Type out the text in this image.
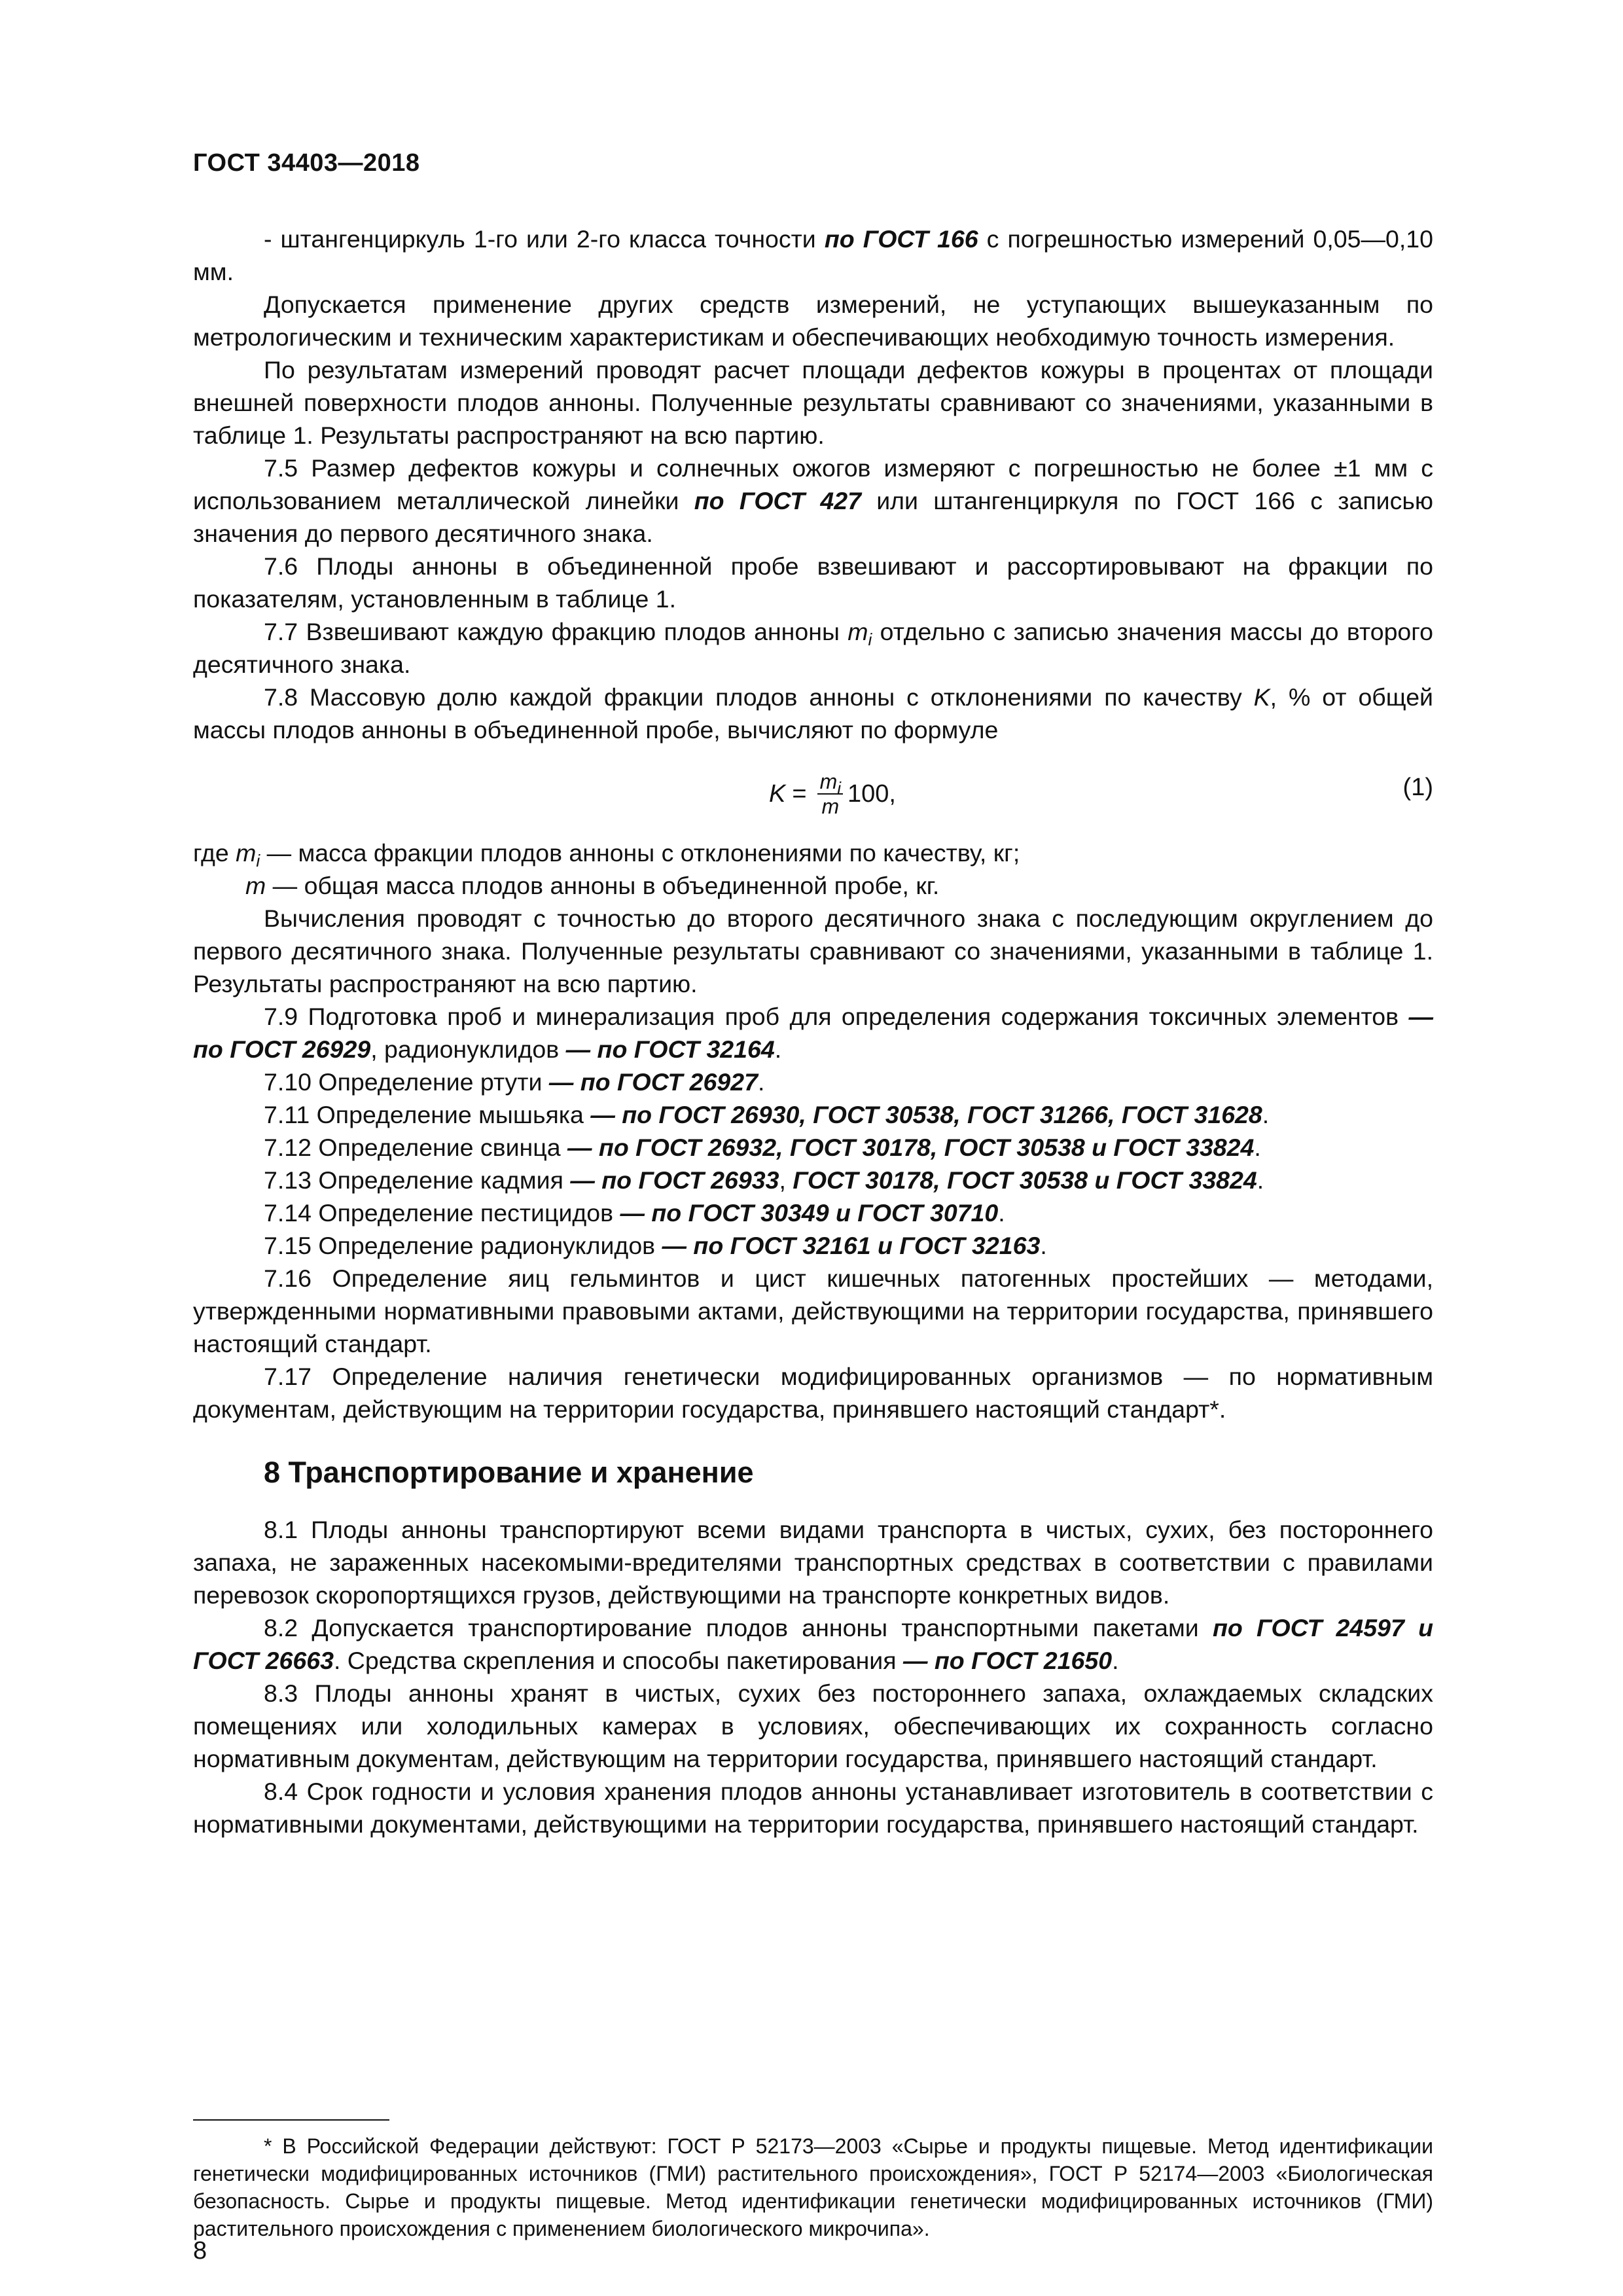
ГОСТ 34403—2018

- штангенциркуль 1-го или 2-го класса точности по ГОСТ 166 с погрешностью измерений 0,05—0,10 мм.

Допускается применение других средств измерений, не уступающих вышеуказанным по метрологическим и техническим характеристикам и обеспечивающих необходимую точность измерения.

По результатам измерений проводят расчет площади дефектов кожуры в процентах от площади внешней поверхности плодов анноны. Полученные результаты сравнивают со значениями, указанными в таблице 1. Результаты распространяют на всю партию.

7.5 Размер дефектов кожуры и солнечных ожогов измеряют с погрешностью не более ±1 мм с использованием металлической линейки по ГОСТ 427 или штангенциркуля по ГОСТ 166 с записью значения до первого десятичного знака.

7.6 Плоды анноны в объединенной пробе взвешивают и рассортировывают на фракции по показателям, установленным в таблице 1.

7.7 Взвешивают каждую фракцию плодов анноны $m_i$ отдельно с записью значения массы до второго десятичного знака.

7.8 Массовую долю каждой фракции плодов анноны с отклонениями по качеству K, % от общей массы плодов анноны в объединенной пробе, вычисляют по формуле

$K = \frac{m_i}{m} 100$,	(1)

где $m_i$ — масса фракции плодов анноны с отклонениями по качеству, кг;

m — общая масса плодов анноны в объединенной пробе, кг.

Вычисления проводят с точностью до второго десятичного знака с последующим округлением до первого десятичного знака. Полученные результаты сравнивают со значениями, указанными в таблице 1. Результаты распространяют на всю партию.

7.9 Подготовка проб и минерализация проб для определения содержания токсичных элементов — по ГОСТ 26929, радионуклидов — по ГОСТ 32164.

7.10 Определение ртути — по ГОСТ 26927.

7.11 Определение мышьяка — по ГОСТ 26930, ГОСТ 30538, ГОСТ 31266, ГОСТ 31628.

7.12 Определение свинца — по ГОСТ 26932, ГОСТ 30178, ГОСТ 30538 и ГОСТ 33824.

7.13 Определение кадмия — по ГОСТ 26933, ГОСТ 30178, ГОСТ 30538 и ГОСТ 33824.

7.14 Определение пестицидов — по ГОСТ 30349 и ГОСТ 30710.

7.15 Определение радионуклидов — по ГОСТ 32161 и ГОСТ 32163.

7.16 Определение яиц гельминтов и цист кишечных патогенных простейших — методами, утвержденными нормативными правовыми актами, действующими на территории государства, принявшего настоящий стандарт.

7.17 Определение наличия генетически модифицированных организмов — по нормативным документам, действующим на территории государства, принявшего настоящий стандарт*.

8 Транспортирование и хранение

8.1 Плоды анноны транспортируют всеми видами транспорта в чистых, сухих, без постороннего запаха, не зараженных насекомыми-вредителями транспортных средствах в соответствии с правилами перевозок скоропортящихся грузов, действующими на транспорте конкретных видов.

8.2 Допускается транспортирование плодов анноны транспортными пакетами по ГОСТ 24597 и ГОСТ 26663. Средства скрепления и способы пакетирования — по ГОСТ 21650.

8.3 Плоды анноны хранят в чистых, сухих без постороннего запаха, охлаждаемых складских помещениях или холодильных камерах в условиях, обеспечивающих их сохранность согласно нормативным документам, действующим на территории государства, принявшего настоящий стандарт.

8.4 Срок годности и условия хранения плодов анноны устанавливает изготовитель в соответствии с нормативными документами, действующими на территории государства, принявшего настоящий стандарт.

* В Российской Федерации действуют: ГОСТ Р 52173—2003 «Сырье и продукты пищевые. Метод идентификации генетически модифицированных источников (ГМИ) растительного происхождения», ГОСТ Р 52174—2003 «Биологическая безопасность. Сырье и продукты пищевые. Метод идентификации генетически модифицированных источников (ГМИ) растительного происхождения с применением биологического микрочипа».
8
